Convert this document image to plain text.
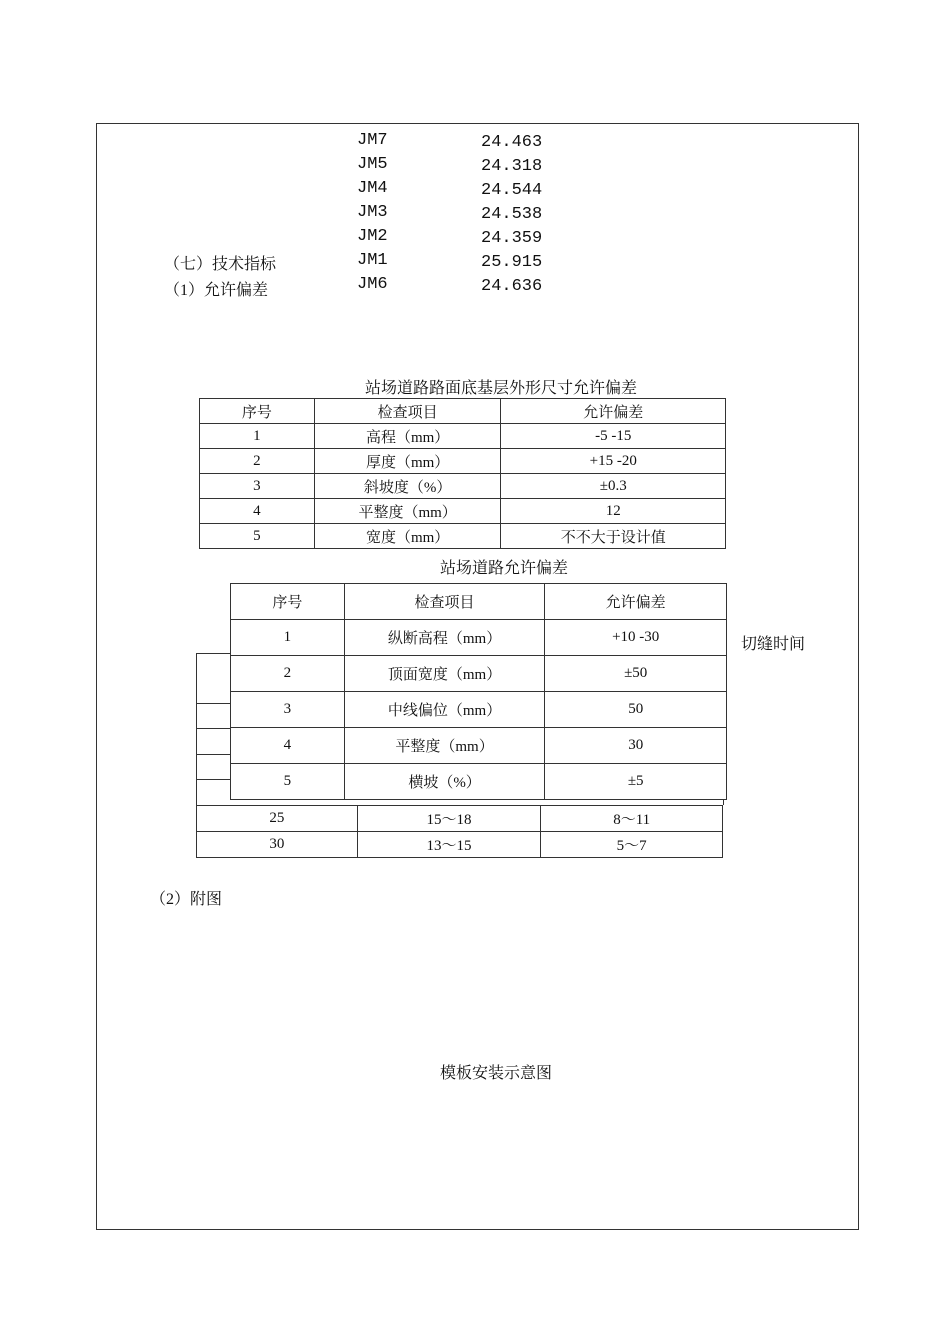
JM7	24.463
JM5	24.318
JM4	24.544
JM3	24.538
JM2	24.359
JM1	25.915
JM6	24.636
（七）技术指标
（1）允许偏差
站场道路路面底基层外形尺寸允许偏差
序号	检查项目	允许偏差
1	高程（mm）	-5 -15
2	厚度（mm）	+15 -20
3	斜坡度（%）	±0.3
4	平整度（mm）	12
5	宽度（mm）	不不大于设计值
站场道路允许偏差
25	15～18	8～11
30	13～15	5～7
序号	检查项目	允许偏差
1	纵断高程（mm）	+10 -30
2	顶面宽度（mm）	±50
3	中线偏位（mm）	50
4	平整度（mm）	30
5	横坡（%）	±5
切缝时间
（2）附图
模板安装示意图
